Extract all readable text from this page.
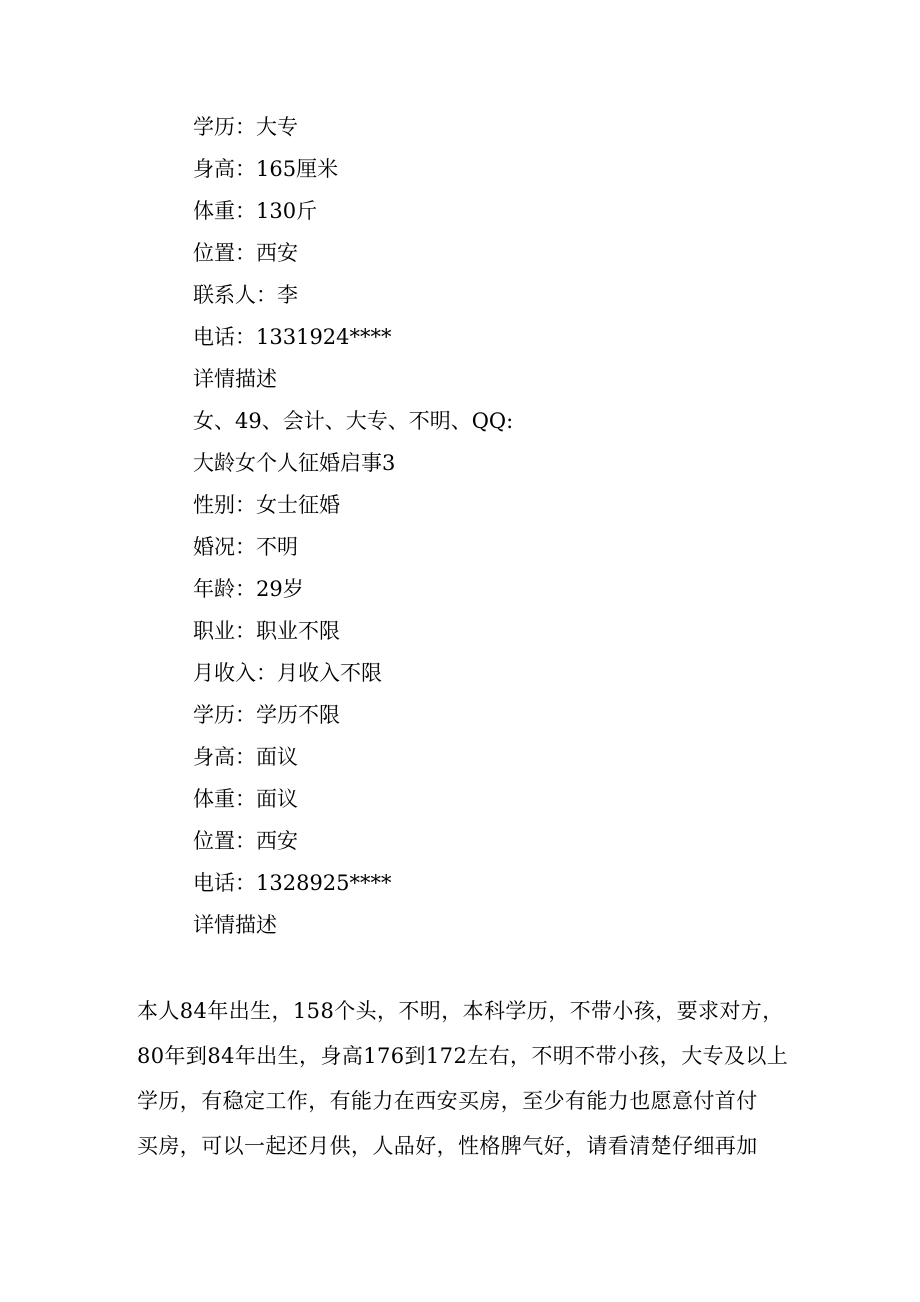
学历：大专
身高：165厘米
体重：130斤
位置：西安
联系人：李
电话：1331924****
详情描述
女、49、会计、大专、不明、QQ:
大龄女个人征婚启事3
性别：女士征婚
婚况：不明
年龄：29岁
职业：职业不限
月收入：月收入不限
学历：学历不限
身高：面议
体重：面议
位置：西安
电话：1328925****
详情描述
本人84年出生，158个头，不明，本科学历，不带小孩，要求对方，
80年到84年出生，身高176到172左右，不明不带小孩，大专及以上
学历，有稳定工作，有能力在西安买房，至少有能力也愿意付首付
买房，可以一起还月供，人品好，性格脾气好，请看清楚仔细再加
